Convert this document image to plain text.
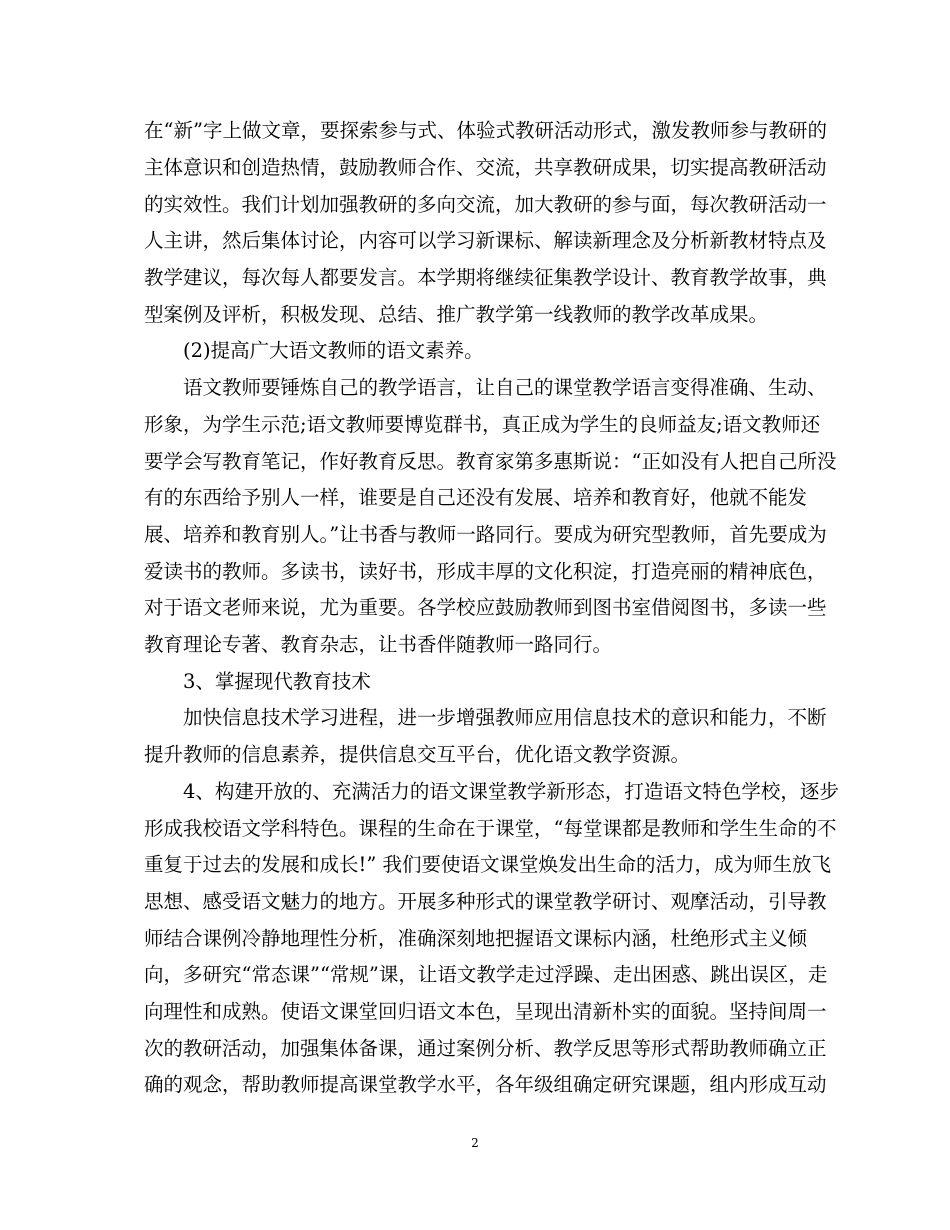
在“新”字上做文章，要探索参与式、体验式教研活动形式，激发教师参与教研的
主体意识和创造热情，鼓励教师合作、交流，共享教研成果，切实提高教研活动
的实效性。我们计划加强教研的多向交流，加大教研的参与面，每次教研活动一
人主讲，然后集体讨论，内容可以学习新课标、解读新理念及分析新教材特点及
教学建议，每次每人都要发言。本学期将继续征集教学设计、教育教学故事，典
型案例及评析，积极发现、总结、推广教学第一线教师的教学改革成果。
　　(2)提高广大语文教师的语文素养。
　　语文教师要锤炼自己的教学语言，让自己的课堂教学语言变得准确、生动、
形象，为学生示范;语文教师要博览群书，真正成为学生的良师益友;语文教师还
要学会写教育笔记，作好教育反思。教育家第多惠斯说：“正如没有人把自己所没
有的东西给予别人一样，谁要是自己还没有发展、培养和教育好，他就不能发
展、培养和教育别人。”让书香与教师一路同行。要成为研究型教师，首先要成为
爱读书的教师。多读书，读好书，形成丰厚的文化积淀，打造亮丽的精神底色，
对于语文老师来说，尤为重要。各学校应鼓励教师到图书室借阅图书，多读一些
教育理论专著、教育杂志，让书香伴随教师一路同行。
　　3、掌握现代教育技术
　　加快信息技术学习进程，进一步增强教师应用信息技术的意识和能力，不断
提升教师的信息素养，提供信息交互平台，优化语文教学资源。
　　4、构建开放的、充满活力的语文课堂教学新形态，打造语文特色学校，逐步
形成我校语文学科特色。课程的生命在于课堂，“每堂课都是教师和学生生命的不
重复于过去的发展和成长!” 我们要使语文课堂焕发出生命的活力，成为师生放飞
思想、感受语文魅力的地方。开展多种形式的课堂教学研讨、观摩活动，引导教
师结合课例冷静地理性分析，准确深刻地把握语文课标内涵，杜绝形式主义倾
向，多研究“常态课”“常规”课，让语文教学走过浮躁、走出困惑、跳出误区，走
向理性和成熟。使语文课堂回归语文本色，呈现出清新朴实的面貌。坚持间周一
次的教研活动，加强集体备课，通过案例分析、教学反思等形式帮助教师确立正
确的观念，帮助教师提高课堂教学水平，各年级组确定研究课题，组内形成互动
2
